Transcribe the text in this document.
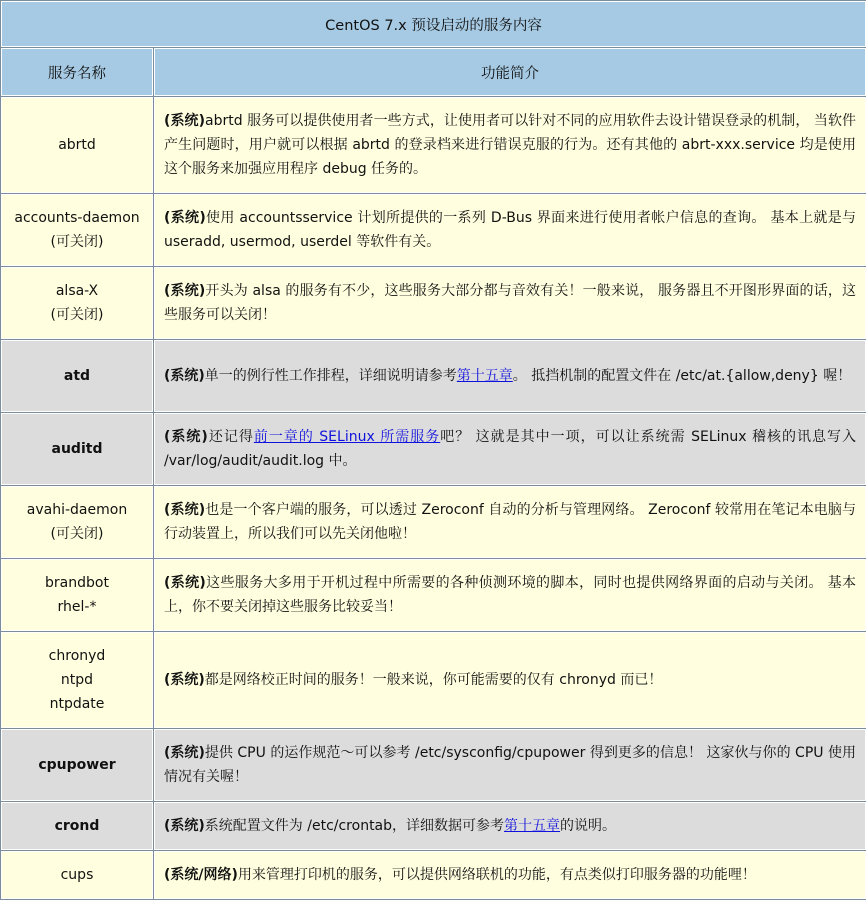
CentOS 7.x 预设启动的服务内容	
服务名称	功能简介

abrtd	(系统)abrtd 服务可以提供使用者一些方式，让使用者可以针对不同的应用软件去设计错误登录的机制， 当软件产生问题时，用户就可以根据 abrtd 的登录档来进行错误克服的行为。还有其他的 abrt-xxx.service 均是使用这个服务来加强应用程序 debug 任务的。

accounts-daemon
(可关闭)	(系统)使用 accountsservice 计划所提供的一系列 D-Bus 界面来进行使用者帐户信息的查询。 基本上就是与 useradd, usermod, userdel 等软件有关。

alsa-X
(可关闭)	(系统)开头为 alsa 的服务有不少，这些服务大部分都与音效有关！一般来说， 服务器且不开图形界面的话，这些服务可以关闭！

atd	(系统)单一的例行性工作排程，详细说明请参考第十五章。 抵挡机制的配置文件在 /etc/at.{allow,deny} 喔！

auditd	(系统)还记得前一章的 SELinux 所需服务吧？ 这就是其中一项，可以让系统需 SELinux 稽核的讯息写入 /var/log/audit/audit.log 中。

avahi-daemon
(可关闭)	(系统)也是一个客户端的服务，可以透过 Zeroconf 自动的分析与管理网络。 Zeroconf 较常用在笔记本电脑与行动装置上，所以我们可以先关闭他啦！

brandbot
rhel-*	(系统)这些服务大多用于开机过程中所需要的各种侦测环境的脚本，同时也提供网络界面的启动与关闭。 基本上，你不要关闭掉这些服务比较妥当！

chronyd
ntpd
ntpdate	(系统)都是网络校正时间的服务！一般来说，你可能需要的仅有 chronyd 而已！

cpupower	(系统)提供 CPU 的运作规范～可以参考 /etc/sysconfig/cpupower 得到更多的信息！ 这家伙与你的 CPU 使用情况有关喔！

crond	(系统)系统配置文件为 /etc/crontab，详细数据可参考第十五章的说明。

cups	(系统/网络)用来管理打印机的服务，可以提供网络联机的功能，有点类似打印服务器的功能哩！
